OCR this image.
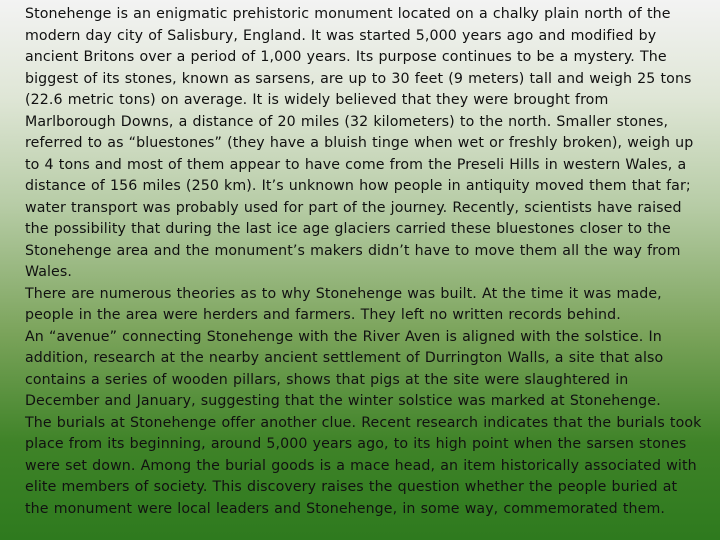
Stonehenge is an enigmatic prehistoric monument located on a chalky plain north of the modern day city of Salisbury, England. It was started 5,000 years ago and modified by ancient Britons over a period of 1,000 years. Its purpose continues to be a mystery. The biggest of its stones, known as sarsens, are up to 30 feet (9 meters) tall and weigh 25 tons (22.6 metric tons) on average. It is widely believed that they were brought from Marlborough Downs, a distance of 20 miles (32 kilometers) to the north. Smaller stones, referred to as “bluestones” (they have a bluish tinge when wet or freshly broken), weigh up to 4 tons and most of them appear to have come from the Preseli Hills in western Wales, a distance of 156 miles (250 km). It’s unknown how people in antiquity moved them that far; water transport was probably used for part of the journey. Recently, scientists have raised the possibility that during the last ice age glaciers carried these bluestones closer to the Stonehenge area and the monument’s makers didn’t have to move them all the way from Wales.

There are numerous theories as to why Stonehenge was built. At the time it was made, people in the area were herders and farmers. They left no written records behind.

An “avenue” connecting Stonehenge with the River Aven is aligned with the solstice. In addition, research at the nearby ancient settlement of Durrington Walls, a site that also contains a series of wooden pillars, shows that pigs at the site were slaughtered in December and January, suggesting that the winter solstice was marked at Stonehenge.

The burials at Stonehenge offer another clue. Recent research indicates that the burials took place from its beginning, around 5,000 years ago, to its high point when the sarsen stones were set down. Among the burial goods is a mace head, an item historically associated with elite members of society. This discovery raises the question whether the people buried at the monument were local leaders and Stonehenge, in some way, commemorated them.
